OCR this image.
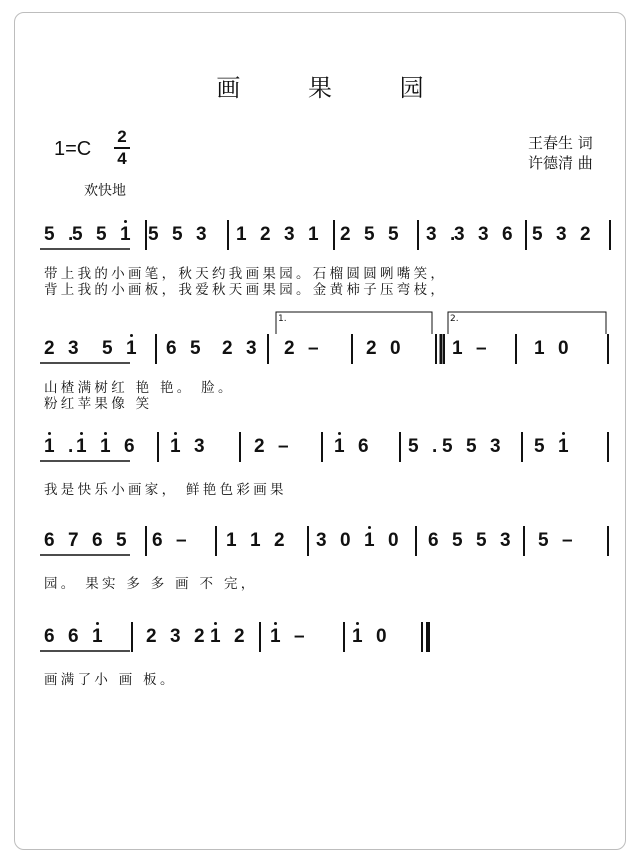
画 果 园
1=C
2
4
王春生 词
许德清 曲
欢快地
5 .
5 5 1 5 5 3 1 2 3 1 2 5 5 3 .
3 3 6 5 3 2
带上我的小画笔，秋天约我画果园。石榴圆圆咧嘴笑，
背上我的小画板，我爱秋天画果园。金黄柿子压弯枝，
2 3 5 1 6 5 2 3 2 – 2 0	1 – 1 0
1.	2.
山楂满树红 艳 艳。 脸。
粉红苹果像 笑
1 . 1 1 6 1 3	2 – 1 6 5 . 5 5 3 5 1
我是快乐小画家， 鲜艳色彩画果
6 7 6 5 6 – 1 1 2 3 0 1 0 6 5 5 3 5 –
园。 果实 多 多 画 不 完，
6 6 1 2 3 2 1 2 1 – 1 0
画满了小 画 板。
